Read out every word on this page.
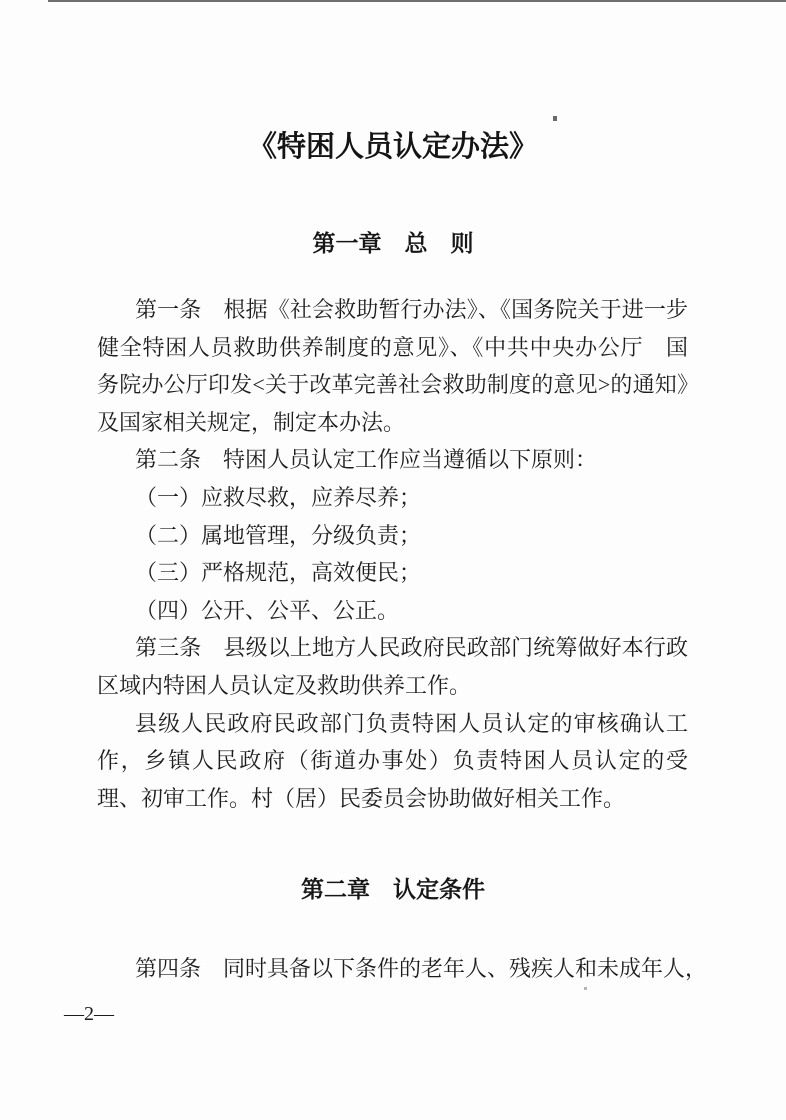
《特困人员认定办法》
第一章　总　则

第一条　根据《社会救助暂行办法》、《国务院关于进一步健全特困人员救助供养制度的意见》、《中共中央办公厅　国务院办公厅印发<关于改革完善社会救助制度的意见>的通知》及国家相关规定，制定本办法。

第二条　特困人员认定工作应当遵循以下原则：

（一）应救尽救，应养尽养；

（二）属地管理，分级负责；

（三）严格规范，高效便民；

（四）公开、公平、公正。

第三条　县级以上地方人民政府民政部门统筹做好本行政区域内特困人员认定及救助供养工作。

县级人民政府民政部门负责特困人员认定的审核确认工作，乡镇人民政府（街道办事处）负责特困人员认定的受理、初审工作。村（居）民委员会协助做好相关工作。

第二章　认定条件

第四条　同时具备以下条件的老年人、残疾人和未成年人，

—2—
